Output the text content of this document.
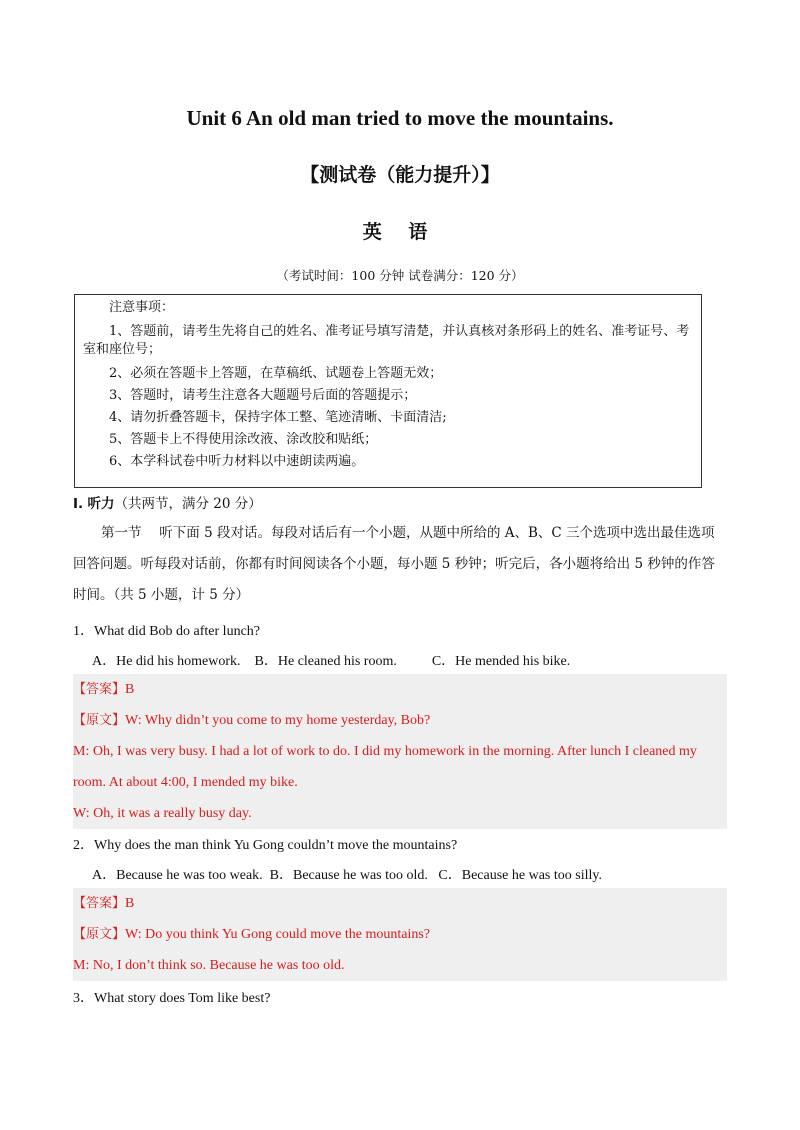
Unit 6 An old man tried to move the mountains.
【测试卷（能力提升）】
英 语
（考试时间：100 分钟 试卷满分：120 分）

注意事项：

1、答题前，请考生先将自己的姓名、准考证号填写清楚，并认真核对条形码上的姓名、准考证号、考室和座位号；

2、必须在答题卡上答题，在草稿纸、试题卷上答题无效；

3、答题时，请考生注意各大题题号后面的答题提示；

4、请勿折叠答题卡，保持字体工整、笔迹清晰、卡面清洁;

5、答题卡上不得使用涂改液、涂改胶和贴纸；

6、本学科试卷中听力材料以中速朗读两遍。

I. 听力（共两节，满分 20 分）

第一节　 听下面 5 段对话。每段对话后有一个小题，从题中所给的 A、B、C 三个选项中选出最佳选项回答问题。听每段对话前，你都有时间阅读各个小题，每小题 5 秒钟；听完后，各小题将给出 5 秒钟的作答时间。（共 5 小题，计 5 分）

1．What did Bob do after lunch?
A．He did his homework.    B．He cleaned his room.          C．He mended his bike.
【答案】B
【原文】W: Why didn’t you come to my home yesterday, Bob?
M: Oh, I was very busy. I had a lot of work to do. I did my homework in the morning. After lunch I cleaned my
room. At about 4:00, I mended my bike.
W: Oh, it was a really busy day.
2．Why does the man think Yu Gong couldn’t move the mountains?
A．Because he was too weak.  B．Because he was too old.   C．Because he was too silly.
【答案】B
【原文】W: Do you think Yu Gong could move the mountains?
M: No, I don’t think so. Because he was too old.
3．What story does Tom like best?
